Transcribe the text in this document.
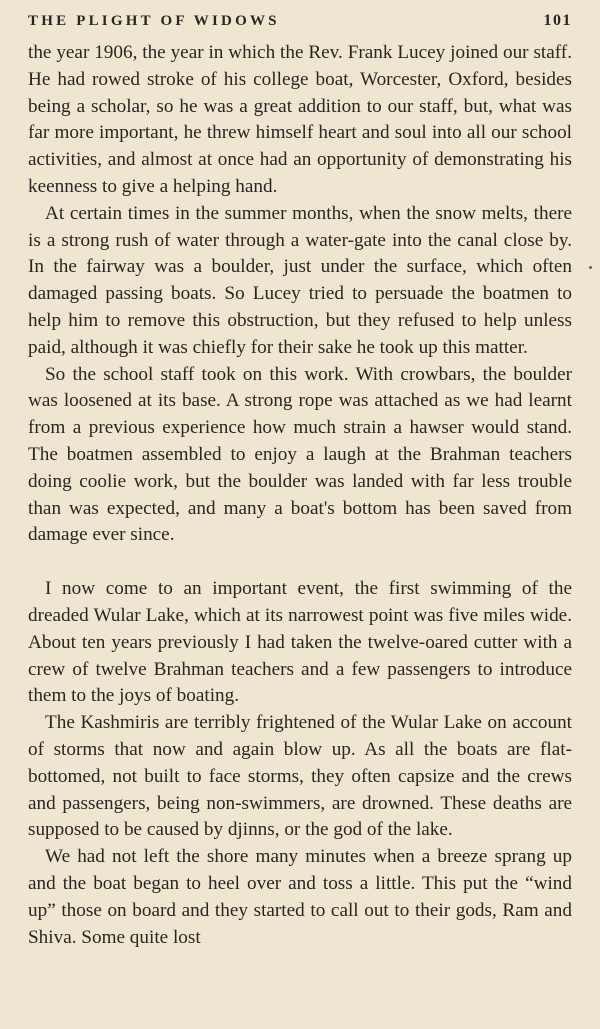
THE PLIGHT OF WIDOWS	101

the year 1906, the year in which the Rev. Frank Lucey joined our staff. He had rowed stroke of his college boat, Worcester, Oxford, besides being a scholar, so he was a great addition to our staff, but, what was far more important, he threw himself heart and soul into all our school activities, and almost at once had an opportunity of demonstrating his keenness to give a helping hand.

At certain times in the summer months, when the snow melts, there is a strong rush of water through a water-gate into the canal close by. In the fairway was a boulder, just under the surface, which often damaged passing boats. So Lucey tried to persuade the boatmen to help him to remove this obstruction, but they refused to help unless paid, although it was chiefly for their sake he took up this matter.

So the school staff took on this work. With crowbars, the boulder was loosened at its base. A strong rope was attached as we had learnt from a previous experience how much strain a hawser would stand. The boatmen assembled to enjoy a laugh at the Brahman teachers doing coolie work, but the boulder was landed with far less trouble than was expected, and many a boat's bottom has been saved from damage ever since.

I now come to an important event, the first swimming of the dreaded Wular Lake, which at its narrowest point was five miles wide. About ten years previously I had taken the twelve-oared cutter with a crew of twelve Brahman teachers and a few passengers to introduce them to the joys of boating.

The Kashmiris are terribly frightened of the Wular Lake on account of storms that now and again blow up. As all the boats are flat-bottomed, not built to face storms, they often capsize and the crews and passengers, being non-swimmers, are drowned. These deaths are supposed to be caused by djinns, or the god of the lake.

We had not left the shore many minutes when a breeze sprang up and the boat began to heel over and toss a little. This put the “wind up” those on board and they started to call out to their gods, Ram and Shiva. Some quite lost
